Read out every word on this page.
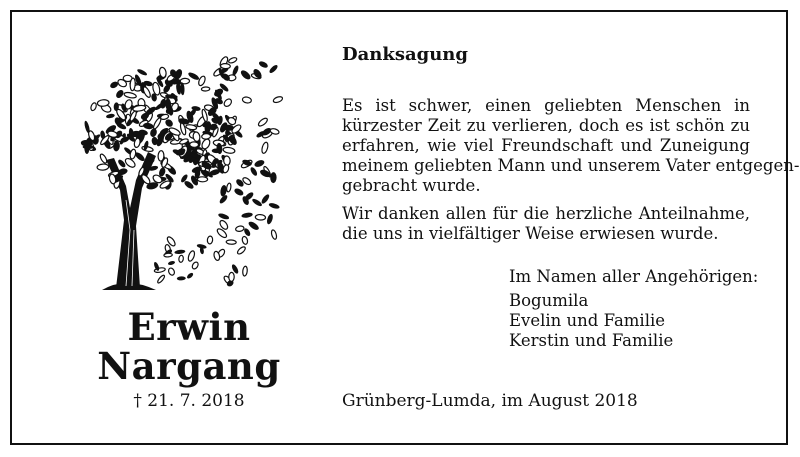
Erwin
Nargang
† 21. 7. 2018
Danksagung

Es ist schwer, einen geliebten Menschen in
kürzester Zeit zu verlieren, doch es ist schön zu
erfahren, wie viel Freundschaft und Zuneigung
meinem geliebten Mann und unserem Vater entgegen-
gebracht wurde.

Wir danken allen für die herzliche Anteilnahme,
die uns in vielfältiger Weise erwiesen wurde.

Im Namen aller Angehörigen:
Bogumila
Evelin und Familie
Kerstin und Familie
Grünberg-Lumda, im August 2018
